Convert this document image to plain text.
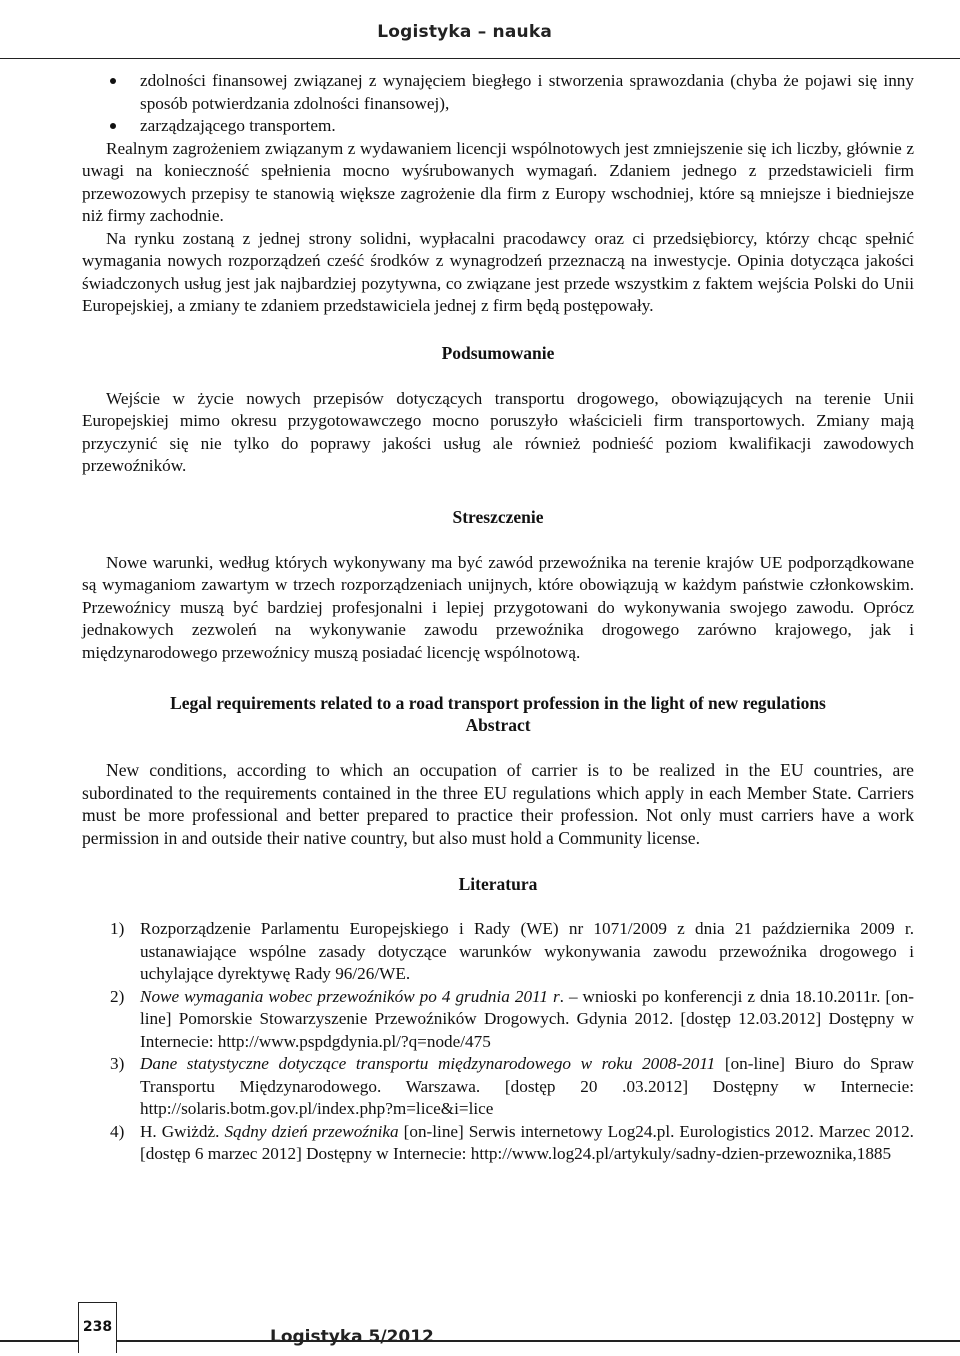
Logistyka – nauka
zdolności finansowej związanej z wynajęciem biegłego i stworzenia sprawozdania (chyba że pojawi się inny sposób potwierdzania zdolności finansowej),
zarządzającego transportem.

Realnym zagrożeniem związanym z wydawaniem licencji wspólnotowych jest zmniejszenie się ich liczby, głównie z uwagi na konieczność spełnienia mocno wyśrubowanych wymagań. Zdaniem jednego z przedstawicieli firm przewozowych przepisy te stanowią większe zagrożenie dla firm z Europy wschodniej, które są mniejsze i biedniejsze niż firmy zachodnie.

Na rynku zostaną z jednej strony solidni, wypłacalni pracodawcy oraz ci przedsiębiorcy, którzy chcąc spełnić wymagania nowych rozporządzeń cześć środków z wynagrodzeń przeznaczą na inwestycje. Opinia dotycząca jakości świadczonych usług jest jak najbardziej pozytywna, co związane jest przede wszystkim z faktem wejścia Polski do Unii Europejskiej, a zmiany te zdaniem przedstawiciela jednej z firm będą postępowały.

Podsumowanie

Wejście w życie nowych przepisów dotyczących transportu drogowego, obowiązujących na terenie Unii Europejskiej mimo okresu przygotowawczego mocno poruszyło właścicieli firm transportowych. Zmiany mają przyczynić się nie tylko do poprawy jakości usług ale również podnieść poziom kwalifikacji zawodowych przewoźników.

Streszczenie

Nowe warunki, według których wykonywany ma być zawód przewoźnika na terenie krajów UE podporządkowane są wymaganiom zawartym w trzech rozporządzeniach unijnych, które obowiązują w każdym państwie członkowskim. Przewoźnicy muszą być bardziej profesjonalni i lepiej przygotowani do wykonywania swojego zawodu. Oprócz jednakowych zezwoleń na wykonywanie zawodu przewoźnika drogowego zarówno krajowego, jak i międzynarodowego przewoźnicy muszą posiadać licencję wspólnotową.

Legal requirements related to a road transport profession in the light of new regulations
Abstract

New conditions, according to which an occupation of carrier is to be realized in the EU countries, are subordinated to the requirements contained in the three EU regulations which apply in each Member State. Carriers must be more professional and better prepared to practice their profession. Not only must carriers have a work permission in and outside their native country, but also must hold a Community license.

Literatura
1) Rozporządzenie Parlamentu Europejskiego i Rady (WE) nr 1071/2009 z dnia 21 października 2009 r. ustanawiające wspólne zasady dotyczące warunków wykonywania zawodu przewoźnika drogowego i uchylające dyrektywę Rady 96/26/WE.
2) Nowe wymagania wobec przewoźników po 4 grudnia 2011 r. – wnioski po konferencji z dnia 18.10.2011r. [on-line] Pomorskie Stowarzyszenie Przewoźników Drogowych. Gdynia 2012. [dostęp 12.03.2012] Dostępny w Internecie: http://www.pspdgdynia.pl/?q=node/475
3) Dane statystyczne dotyczące transportu międzynarodowego w roku 2008-2011 [on-line] Biuro do Spraw Transportu Międzynarodowego. Warszawa. [dostęp 20 .03.2012] Dostępny w Internecie: http://solaris.botm.gov.pl/index.php?m=lice&i=lice
4) H. Gwiżdż. Sądny dzień przewoźnika [on-line] Serwis internetowy Log24.pl. Eurologistics 2012. Marzec 2012. [dostęp 6 marzec 2012] Dostępny w Internecie: http://www.log24.pl/artykuly/sadny-dzien-przewoznika,1885
238	Logistyka 5/2012
